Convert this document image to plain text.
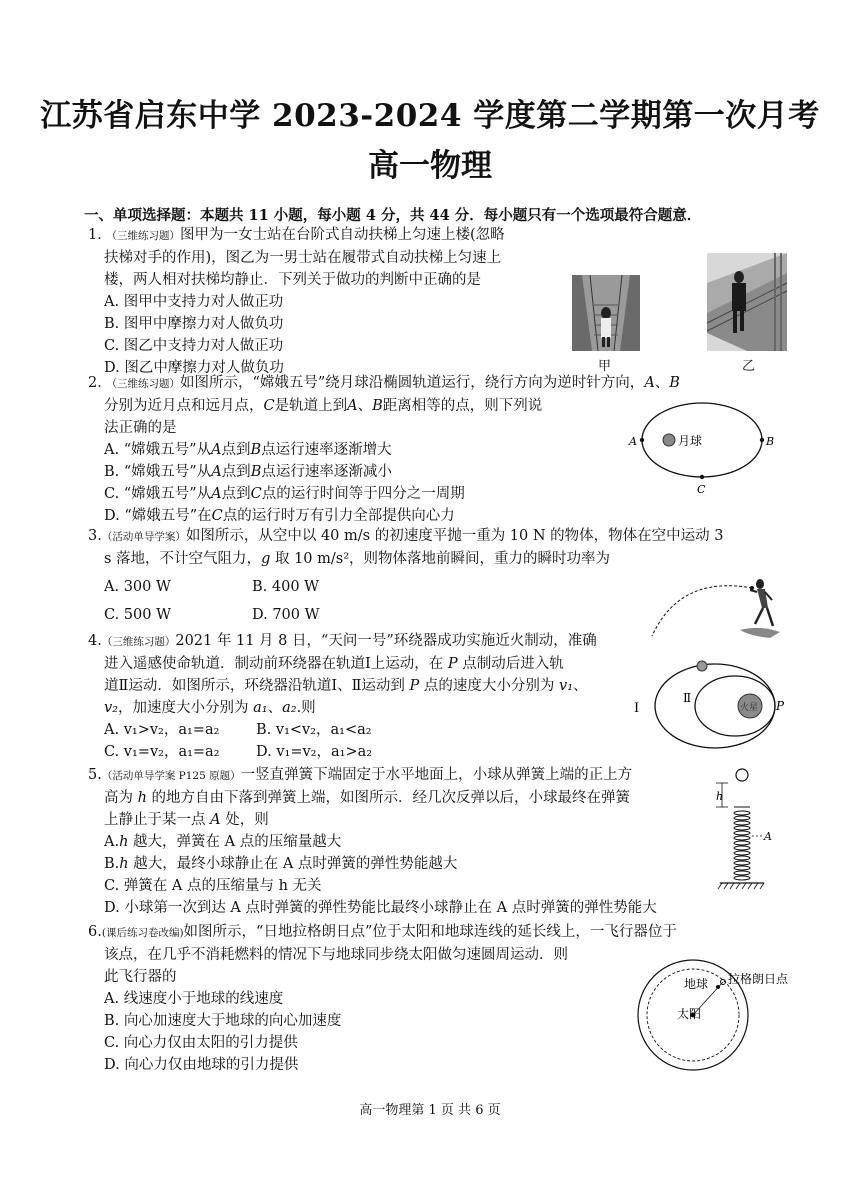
江苏省启东中学 2023-2024 学度第二学期第一次月考
高一物理
一、单项选择题：本题共 11 小题，每小题 4 分，共 44 分．每小题只有一个选项最符合题意．
1．（三维练习题）图甲为一女士站在台阶式自动扶梯上匀速上楼(忽略
扶梯对手的作用)，图乙为一男士站在履带式自动扶梯上匀速上
楼，两人相对扶梯均静止．下列关于做功的判断中正确的是
A. 图甲中支持力对人做正功
B. 图甲中摩擦力对人做负功
C. 图乙中支持力对人做正功
D. 图乙中摩擦力对人做负功	甲	乙
2．（三维练习题）如图所示，“嫦娥五号”绕月球沿椭圆轨道运行，绕行方向为逆时针方向，A、B
分别为近月点和远月点，C是轨道上到A、B距离相等的点，则下列说
法正确的是
A. “嫦娥五号”从A点到B点运行速率逐渐增大
B. “嫦娥五号”从A点到B点运行速率逐渐减小
C. “嫦娥五号”从A点到C点的运行时间等于四分之一周期
D. “嫦娥五号”在C点的运行时万有引力全部提供向心力
月球
A	B
C
3.（活动单导学案）如图所示，从空中以 40 m/s 的初速度平抛一重为 10 N 的物体，物体在空中运动 3
s 落地，不计空气阻力，g 取 10 m/s²，则物体落地前瞬间，重力的瞬时功率为
A. 300 W	B. 400 W
C. 500 W	D. 700 W
4.（三维练习题）2021 年 11 月 8 日，“天问一号”环绕器成功实施近火制动，准确
进入遥感使命轨道．制动前环绕器在轨道Ⅰ上运动，在 P 点制动后进入轨
道Ⅱ运动．如图所示，环绕器沿轨道Ⅰ、Ⅱ运动到 P 点的速度大小分别为 v₁、
v₂，加速度大小分别为 a₁、a₂.则
A. v₁>v₂，a₁=a₂	B. v₁<v₂，a₁<a₂
C. v₁=v₂，a₁=a₂	D. v₁=v₂，a₁>a₂
火星
Ⅰ
Ⅱ
P
5.（活动单导学案 P125 原题）一竖直弹簧下端固定于水平地面上，小球从弹簧上端的正上方
高为 h 的地方自由下落到弹簧上端，如图所示．经几次反弹以后，小球最终在弹簧
上静止于某一点 A 处，则
A.h 越大，弹簧在 A 点的压缩量越大
B.h 越大，最终小球静止在 A 点时弹簧的弹性势能越大
C. 弹簧在 A 点的压缩量与 h 无关
D. 小球第一次到达 A 点时弹簧的弹性势能比最终小球静止在 A 点时弹簧的弹性势能大
h
A
6.(课后练习卷改编)如图所示，“日地拉格朗日点”位于太阳和地球连线的延长线上，一飞行器位于
该点，在几乎不消耗燃料的情况下与地球同步绕太阳做匀速圆周运动．则
此飞行器的
A. 线速度小于地球的线速度
B. 向心加速度大于地球的向心加速度
C. 向心力仅由太阳的引力提供
D. 向心力仅由地球的引力提供
太阳
地球 拉格朗日点
高一物理第 1 页 共 6 页
